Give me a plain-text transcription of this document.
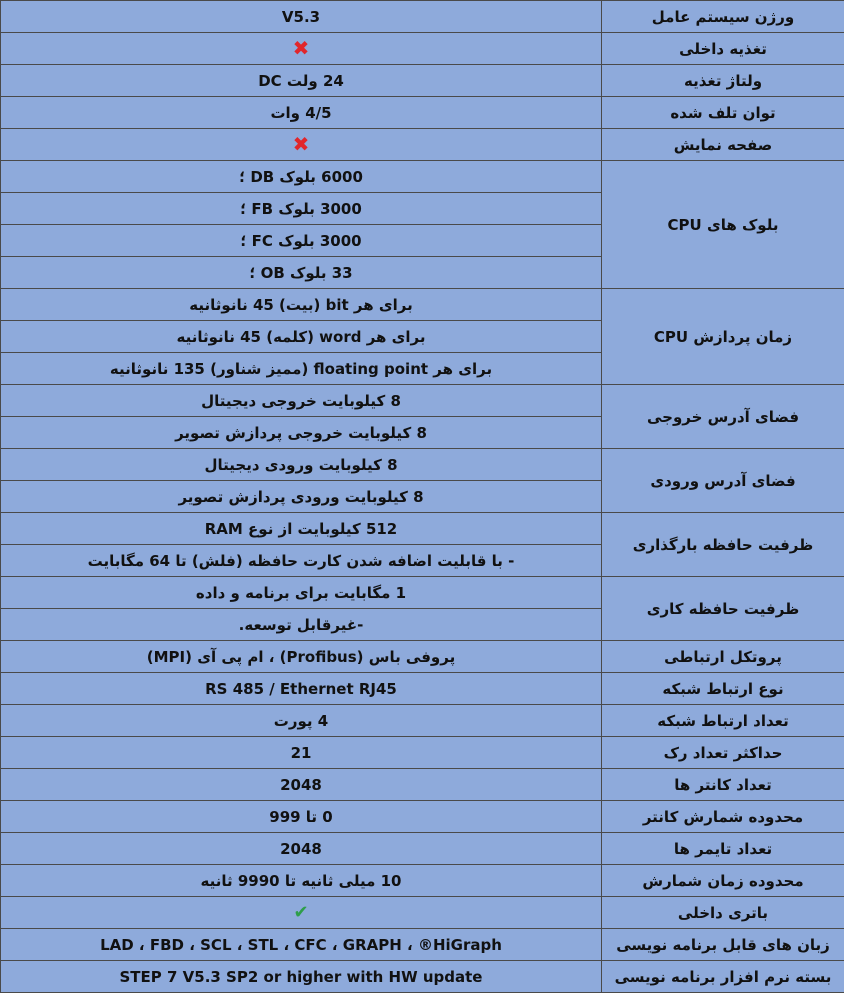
ورژن سیستم عامل	V5.3
تغذیه داخلی	✖
ولتاژ تغذیه	24 ولت DC
توان تلف شده	4/5 وات
صفحه نمایش	✖
بلوک های CPU	6000 بلوک DB ؛
	3000 بلوک FB ؛
	3000 بلوک FC ؛
	33 بلوک OB ؛
زمان پردازش CPU	برای هر bit (بیت) 45 نانوثانیه
	برای هر word (کلمه) 45 نانوثانیه
	برای هر floating point (ممیز شناور) 135 نانوثانیه
فضای آدرس خروجی	8 کیلوبایت خروجی دیجیتال
	8 کیلوبایت خروجی پردازش تصویر
فضای آدرس ورودی	8 کیلوبایت ورودی دیجیتال
	8 کیلوبایت ورودی پردازش تصویر
ظرفیت حافظه بارگذاری	512 کیلوبایت از نوع RAM
	- با قابلیت اضافه شدن کارت حافظه (فلش) تا 64 مگابایت
ظرفیت حافظه کاری	1 مگابایت برای برنامه و داده
	-غیرقابل توسعه.
پروتکل ارتباطی	پروفی باس (Profibus) ، ام پی آی (MPI)
نوع ارتباط شبکه	RS 485 / Ethernet RJ45
تعداد ارتباط شبکه	4 پورت
حداکثر تعداد رک	21
تعداد کانتر ها	2048
محدوده شمارش کانتر	0 تا 999
تعداد تایمر ها	2048
محدوده زمان شمارش	10 میلی ثانیه تا 9990 ثانیه
باتری داخلی	✔
زبان های قابل برنامه نویسی	LAD ، FBD ، SCL ، STL ، CFC ، GRAPH ، ®HiGraph
بسته نرم افزار برنامه نویسی	STEP 7 V5.3 SP2 or higher with HW update
